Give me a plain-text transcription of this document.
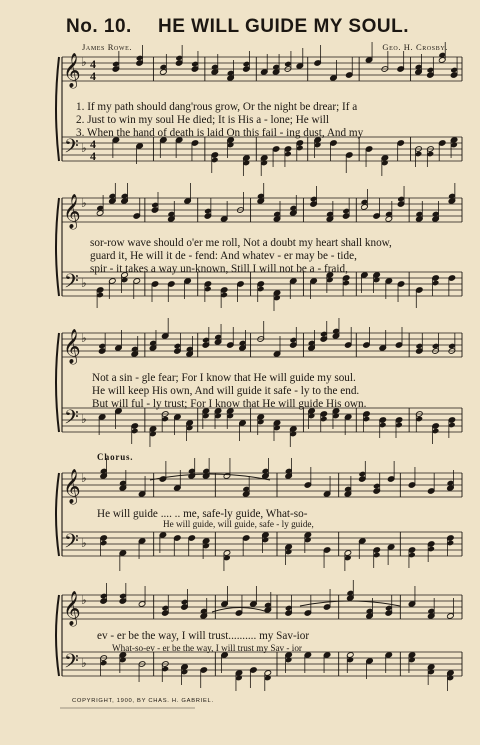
No. 10. HE WILL GUIDE MY SOUL.
James Rowe.	Geo. H. Crosby.
𝄞
𝄢
♭
♭
4
4
4
4
𝄞
𝄢
♭
♭
𝄞
𝄢
♭
♭
𝄞
𝄢
♭
♭
𝄞
𝄢
♭
♭
1. If my path should dang'rous grow, Or the night be drear; If a
2. Just to win my soul He died; It is His a - lone; He will
3. When the hand of death is laid On this fail - ing dust, And my
sor-row wave should o'er me roll, Not a doubt my heart shall know,
guard it, He will it de - fend: And whatev - er may be - tide,
spir - it takes a way un-known, Still I will not be a - fraid,
Not a sin - gle fear; For I know that He will guide my soul.
He will keep His own, And will guide it safe - ly to the end.
But will ful - ly trust; For I know that He will guide His own.
Chorus.
He will guide .... .. me, safe-ly guide, What-so-
He will guide, will guide, safe - ly guide,
ev - er be the way, I will trust.......... my Sav-ior
What-so-ev - er be the way, I will trust my Sav - ior
COPYRIGHT, 1900, BY CHAS. H. GABRIEL.
